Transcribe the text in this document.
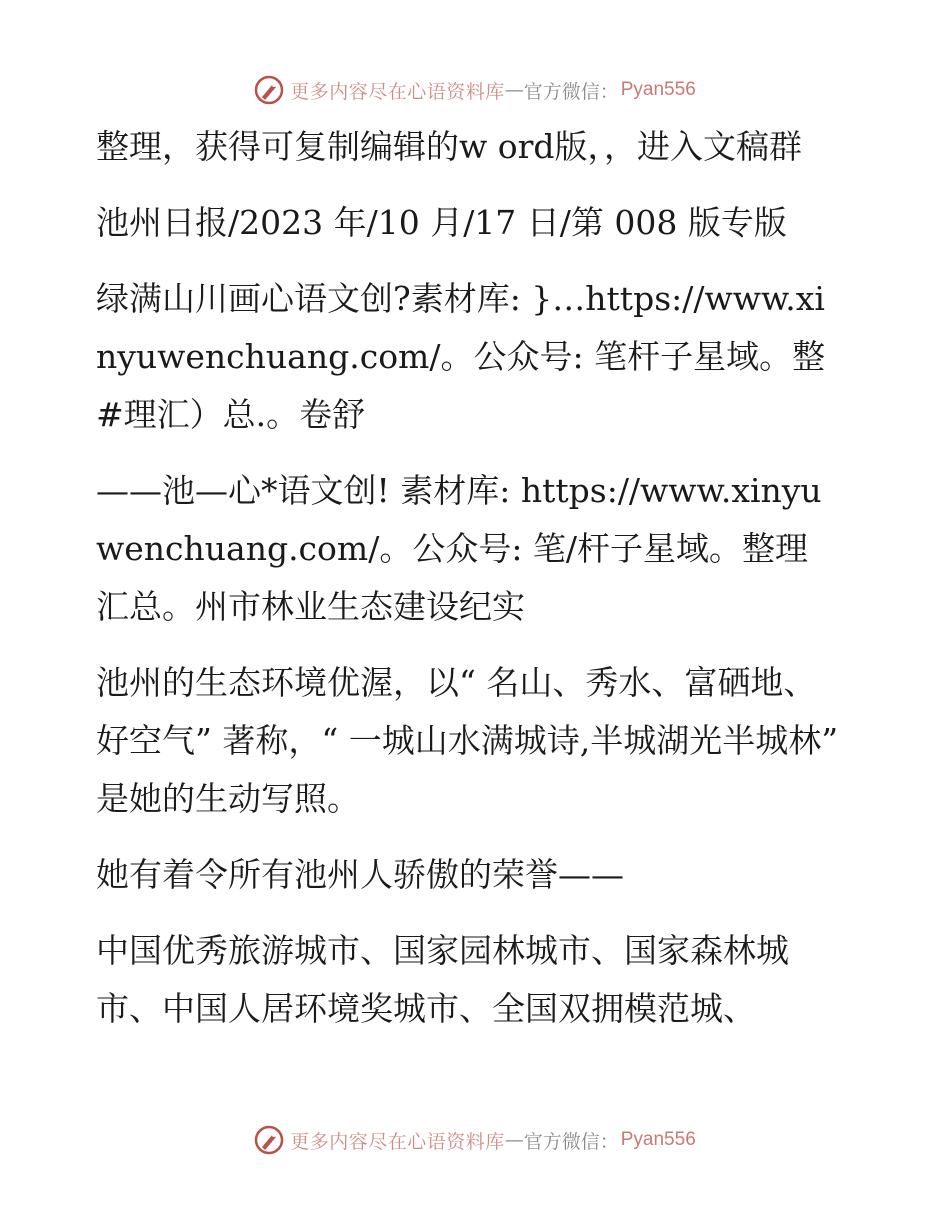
更多内容尽在心语资料库 — 官方微信： Pyan556

整理，获得可复制编辑的w ord版，，进入文稿群

池州日报/2023 年/10 月/17 日/第 008 版专版

绿满山川画心语文创?素材库: }…https://www.xinyuwenchuang.com/。公众号: 笔杆子星域。整#理汇）总.。卷舒

——池—心*语文创! 素材库: https://www.xinyuwenchuang.com/。公众号: 笔/杆子星域。整理汇总。州市林业生态建设纪实

池州的生态环境优渥，以“ 名山、秀水、富硒地、好空气” 著称，“ 一城山水满城诗,半城湖光半城林” 是她的生动写照。

她有着令所有池州人骄傲的荣誉——

中国优秀旅游城市、国家园林城市、国家森林城市、中国人居环境奖城市、全国双拥模范城、

更多内容尽在心语资料库 — 官方微信： Pyan556
